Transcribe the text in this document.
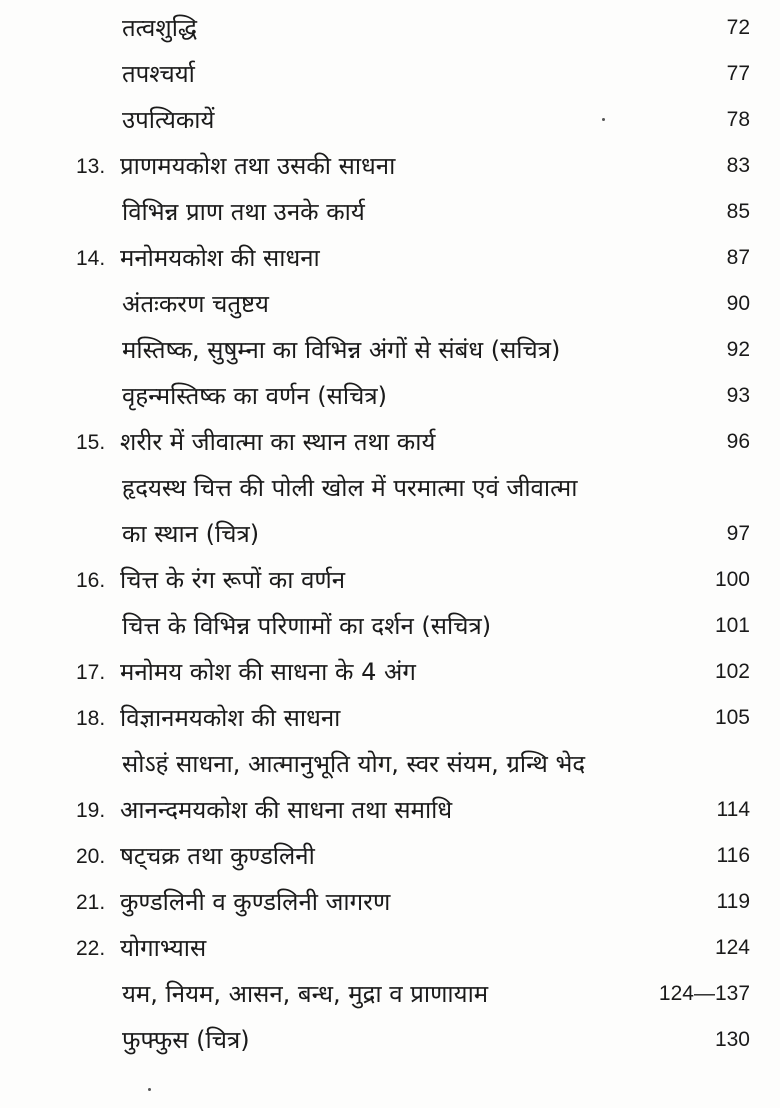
तत्वशुद्धि	72
तपश्चर्या	77
उपत्यिकायें	78
13. प्राणमयकोश तथा उसकी साधना	83
विभिन्न प्राण तथा उनके कार्य	85
14. मनोमयकोश की साधना	87
अंतःकरण चतुष्टय	90
मस्तिष्क, सुषुम्ना का विभिन्न अंगों से संबंध (सचित्र)	92
वृहन्मस्तिष्क का वर्णन (सचित्र)	93
15. शरीर में जीवात्मा का स्थान तथा कार्य	96
हृदयस्थ चित्त की पोली खोल में परमात्मा एवं जीवात्मा
का स्थान (चित्र)	97
16. चित्त के रंग रूपों का वर्णन	100
चित्त के विभिन्न परिणामों का दर्शन (सचित्र)	101
17. मनोमय कोश की साधना के 4 अंग	102
18. विज्ञानमयकोश की साधना	105
सोऽहं साधना, आत्मानुभूति योग, स्वर संयम, ग्रन्थि भेद
19. आनन्दमयकोश की साधना तथा समाधि	114
20. षट्चक्र तथा कुण्डलिनी	116
21. कुण्डलिनी व कुण्डलिनी जागरण	119
22. योगाभ्यास	124
यम, नियम, आसन, बन्ध, मुद्रा व प्राणायाम	124—137
फुफ्फुस (चित्र)	130
